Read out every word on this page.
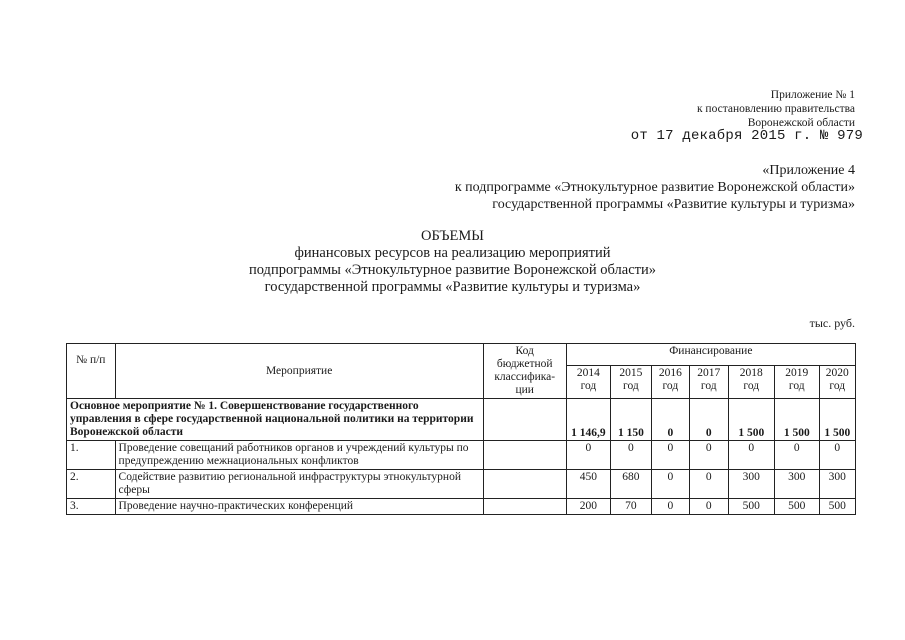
Приложение № 1
к постановлению правительства
Воронежской области
от 17 декабря 2015 г. № 979
«Приложение 4
к подпрограмме «Этнокультурное развитие Воронежской области»
государственной программы «Развитие культуры и туризма»
ОБЪЕМЫ
финансовых ресурсов на реализацию мероприятий
подпрограммы «Этнокультурное развитие Воронежской области»
государственной программы «Развитие культуры и туризма»
тыс. руб.
№ п/п	Мероприятие	Код бюджетной классифика-ции	Финансирование						
			2014 год	2015 год	2016 год	2017 год	2018 год	2019 год	2020 год
Основное мероприятие № 1. Совершенствование государственного управления в сфере государственной национальной политики на территории Воронежской области			1 146,9	1 150	0	0	1 500	1 500	1 500
1.	Проведение совещаний работников органов и учреждений культуры по предупреждению межнациональных конфликтов		0	0	0	0	0	0	0
2.	Содействие развитию региональной инфраструктуры этнокультурной сферы		450	680	0	0	300	300	300
3.	Проведение научно-практических конференций		200	70	0	0	500	500	500
